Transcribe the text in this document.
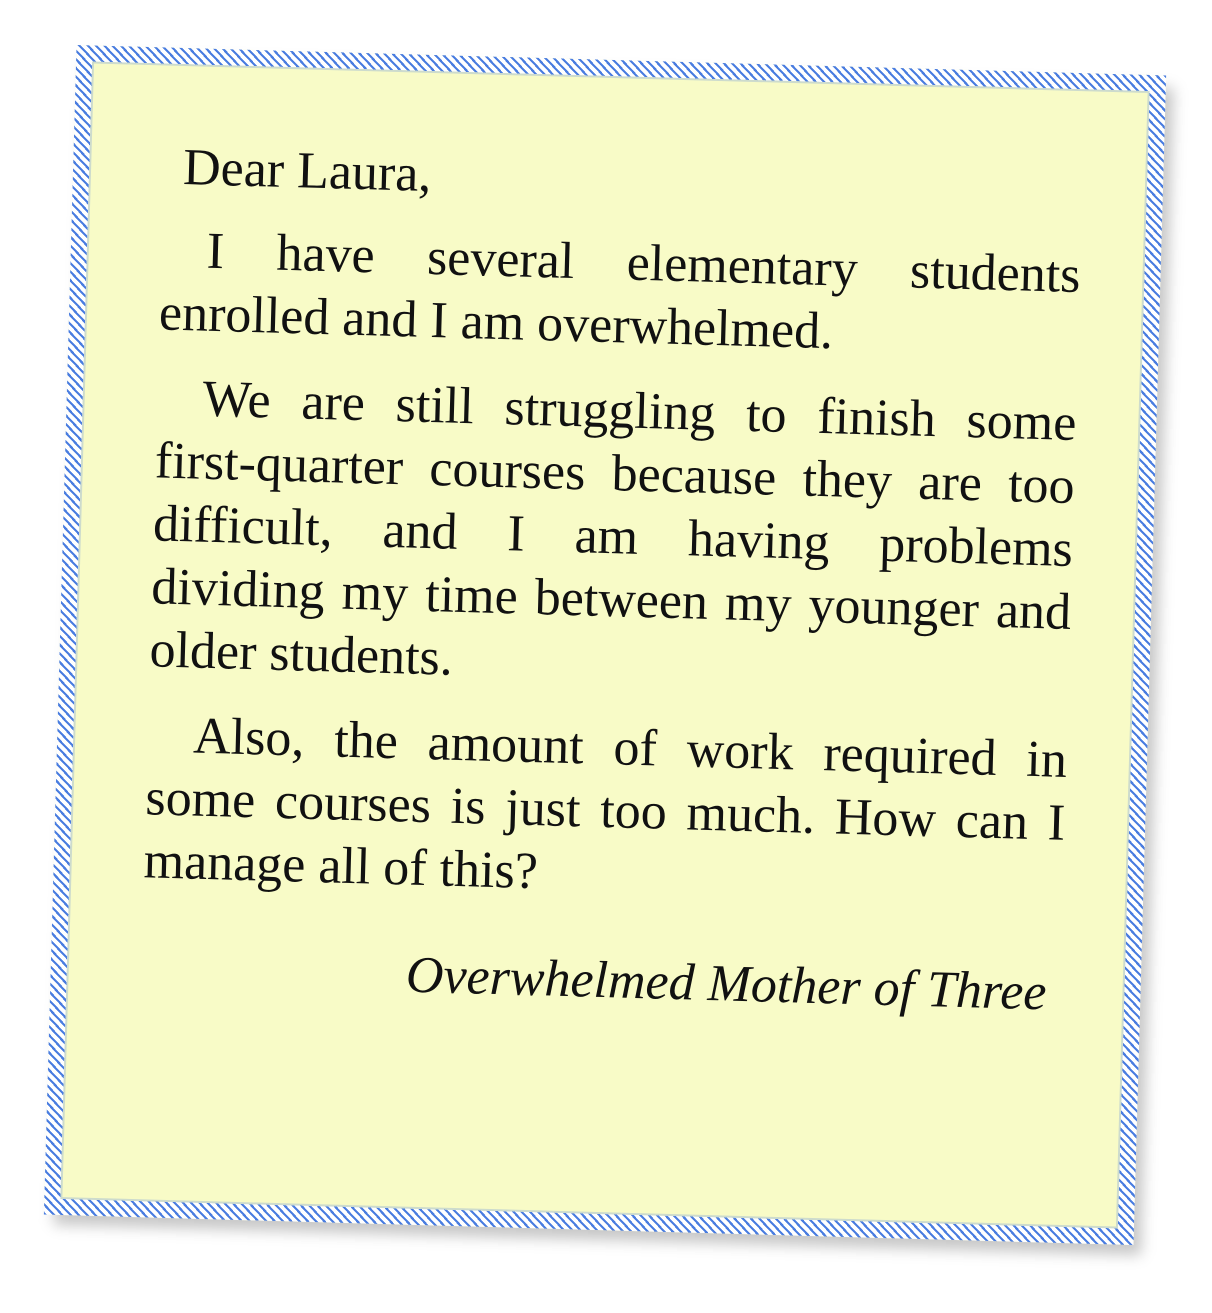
Dear Laura,

I have several elementary students enrolled and I am overwhelmed.

We are still struggling to finish some first-quarter courses because they are too difficult, and I am having problems dividing my time between my younger and older students.

Also, the amount of work required in some courses is just too much. How can I manage all of this?

Overwhelmed Mother of Three
